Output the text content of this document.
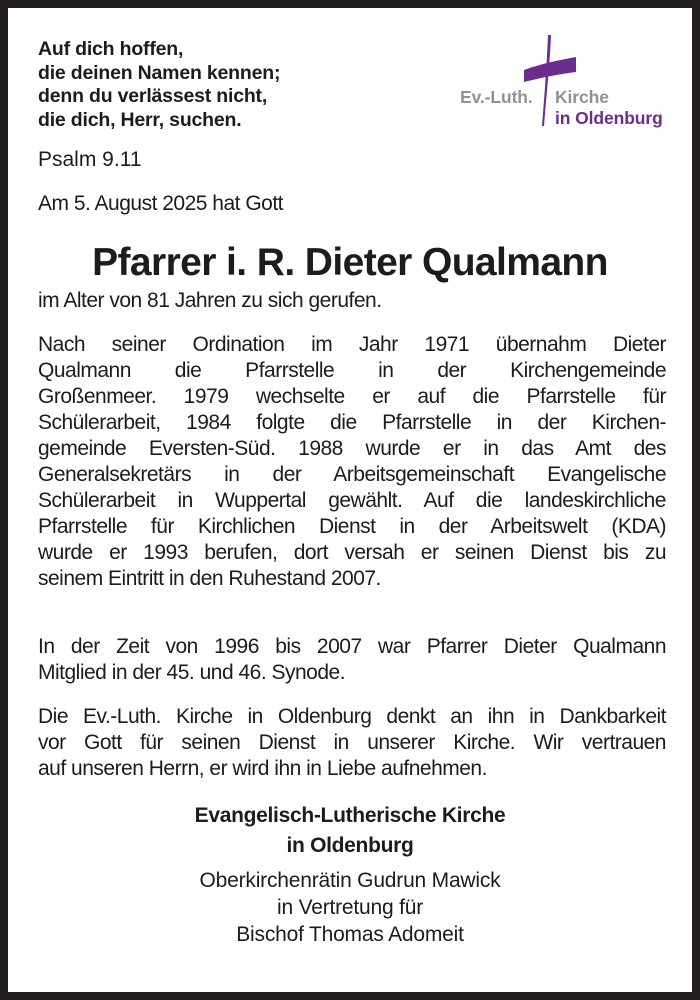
Auf dich hoffen,
die deinen Namen kennen;
denn du verlässest nicht,
die dich, Herr, suchen.
Psalm 9.11
Ev.-Luth. Kirche
in Oldenburg
Am 5. August 2025 hat Gott
Pfarrer i. R. Dieter Qualmann
im Alter von 81 Jahren zu sich gerufen.
Nach seiner Ordination im Jahr 1971 übernahm Dieter
Qualmann die Pfarrstelle in der Kirchengemeinde
Großenmeer. 1979 wechselte er auf die Pfarrstelle für
Schülerarbeit, 1984 folgte die Pfarrstelle in der Kirchen-
gemeinde Eversten-Süd. 1988 wurde er in das Amt des
Generalsekretärs in der Arbeitsgemeinschaft Evangelische
Schülerarbeit in Wuppertal gewählt. Auf die landeskirchliche
Pfarrstelle für Kirchlichen Dienst in der Arbeitswelt (KDA)
wurde er 1993 berufen, dort versah er seinen Dienst bis zu
seinem Eintritt in den Ruhestand 2007.
In der Zeit von 1996 bis 2007 war Pfarrer Dieter Qualmann
Mitglied in der 45. und 46. Synode.
Die Ev.-Luth. Kirche in Oldenburg denkt an ihn in Dankbarkeit
vor Gott für seinen Dienst in unserer Kirche. Wir vertrauen
auf unseren Herrn, er wird ihn in Liebe aufnehmen.
Evangelisch-Lutherische Kirche
in Oldenburg
Oberkirchenrätin Gudrun Mawick
in Vertretung für
Bischof Thomas Adomeit
